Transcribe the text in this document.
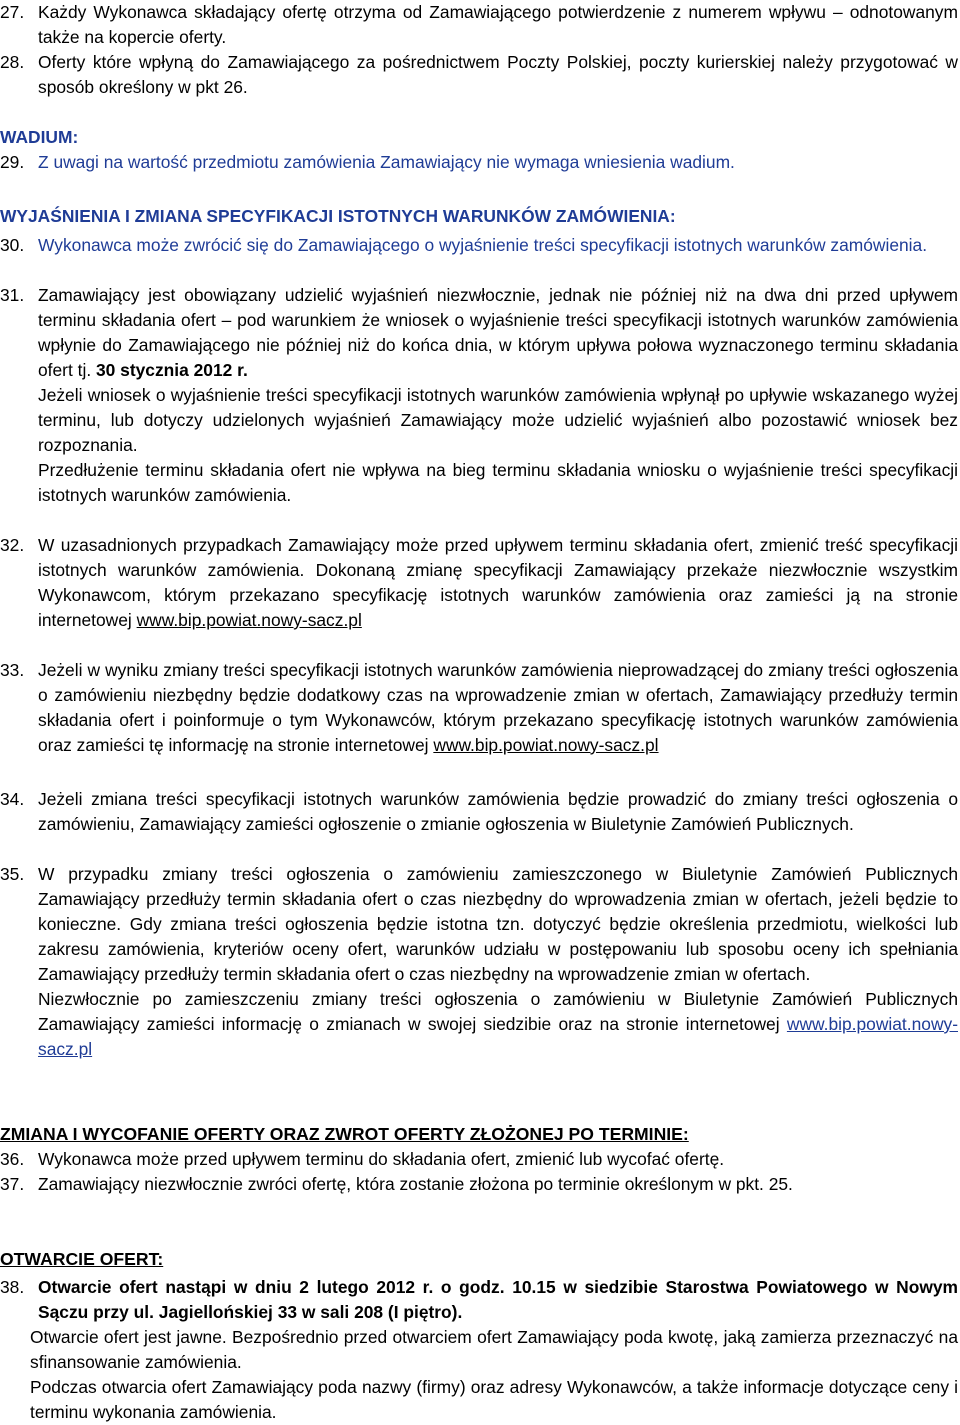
27. Każdy Wykonawca składający ofertę otrzyma od Zamawiającego potwierdzenie z numerem wpływu – odnotowanym także na kopercie oferty.
28. Oferty które wpłyną do Zamawiającego za pośrednictwem Poczty Polskiej, poczty kurierskiej należy przygotować w sposób określony w pkt 26.
WADIUM:
29. Z uwagi na wartość przedmiotu zamówienia Zamawiający nie wymaga wniesienia wadium.
WYJAŚNIENIA I ZMIANA SPECYFIKACJI ISTOTNYCH WARUNKÓW ZAMÓWIENIA:
30. Wykonawca może zwrócić się do Zamawiającego o wyjaśnienie treści specyfikacji istotnych warunków zamówienia.
31. Zamawiający jest obowiązany udzielić wyjaśnień niezwłocznie, jednak nie później niż na dwa dni przed upływem terminu składania ofert – pod warunkiem że wniosek o wyjaśnienie treści specyfikacji istotnych warunków zamówienia wpłynie do Zamawiającego nie później niż do końca dnia, w którym upływa połowa wyznaczonego terminu składania ofert tj. 30 stycznia 2012 r.
Jeżeli wniosek o wyjaśnienie treści specyfikacji istotnych warunków zamówienia wpłynął po upływie wskazanego wyżej terminu, lub dotyczy udzielonych wyjaśnień Zamawiający może udzielić wyjaśnień albo pozostawić wniosek bez rozpoznania.
Przedłużenie terminu składania ofert nie wpływa na bieg terminu składania wniosku o wyjaśnienie treści specyfikacji istotnych warunków zamówienia.
32. W uzasadnionych przypadkach Zamawiający może przed upływem terminu składania ofert, zmienić treść specyfikacji istotnych warunków zamówienia. Dokonaną zmianę specyfikacji Zamawiający przekaże niezwłocznie wszystkim Wykonawcom, którym przekazano specyfikację istotnych warunków zamówienia oraz zamieści ją na stronie internetowej www.bip.powiat.nowy-sacz.pl
33. Jeżeli w wyniku zmiany treści specyfikacji istotnych warunków zamówienia nieprowadzącej do zmiany treści ogłoszenia o zamówieniu niezbędny będzie dodatkowy czas na wprowadzenie zmian w ofertach, Zamawiający przedłuży termin składania ofert i poinformuje o tym Wykonawców, którym przekazano specyfikację istotnych warunków zamówienia oraz zamieści tę informację na stronie internetowej www.bip.powiat.nowy-sacz.pl
34. Jeżeli zmiana treści specyfikacji istotnych warunków zamówienia będzie prowadzić do zmiany treści ogłoszenia o zamówieniu, Zamawiający zamieści ogłoszenie o zmianie ogłoszenia w Biuletynie Zamówień Publicznych.
35. W przypadku zmiany treści ogłoszenia o zamówieniu zamieszczonego w Biuletynie Zamówień Publicznych Zamawiający przedłuży termin składania ofert o czas niezbędny do wprowadzenia zmian w ofertach, jeżeli będzie to konieczne. Gdy zmiana treści ogłoszenia będzie istotna tzn. dotyczyć będzie określenia przedmiotu, wielkości lub zakresu zamówienia, kryteriów oceny ofert, warunków udziału w postępowaniu lub sposobu oceny ich spełniania Zamawiający przedłuży termin składania ofert o czas niezbędny na wprowadzenie zmian w ofertach.
Niezwłocznie po zamieszczeniu zmiany treści ogłoszenia o zamówieniu w Biuletynie Zamówień Publicznych Zamawiający zamieści informację o zmianach w swojej siedzibie oraz na stronie internetowej www.bip.powiat.nowy-sacz.pl
ZMIANA I WYCOFANIE OFERTY ORAZ ZWROT OFERTY ZŁOŻONEJ PO TERMINIE:
36. Wykonawca może przed upływem terminu do składania ofert, zmienić lub wycofać ofertę.
37. Zamawiający niezwłocznie zwróci ofertę, która zostanie złożona po terminie określonym w pkt. 25.
OTWARCIE OFERT:
38. Otwarcie ofert nastąpi w dniu 2 lutego 2012 r. o godz. 10.15 w siedzibie Starostwa Powiatowego w Nowym Sączu przy ul. Jagiellońskiej 33 w sali 208 (I piętro).
Otwarcie ofert jest jawne. Bezpośrednio przed otwarciem ofert Zamawiający poda kwotę, jaką zamierza przeznaczyć na sfinansowanie zamówienia.
Podczas otwarcia ofert Zamawiający poda nazwy (firmy) oraz adresy Wykonawców, a także informacje dotyczące ceny i terminu wykonania zamówienia.
